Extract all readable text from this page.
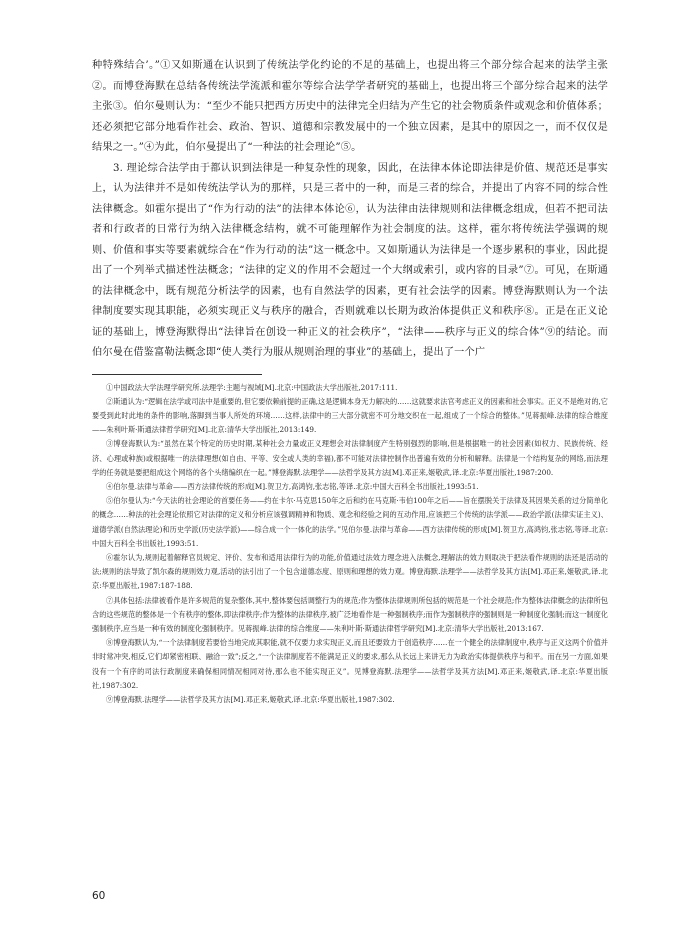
种特殊结合’。”①又如斯通在认识到了传统法学化约论的不足的基础上，也提出将三个部分综合起来的法学主张②。而博登海默在总结各传统法学流派和霍尔等综合法学学者研究的基础上，也提出将三个部分综合起来的法学主张③。伯尔曼则认为：“至少不能只把西方历史中的法律完全归结为产生它的社会物质条件或观念和价值体系；还必须把它部分地看作社会、政治、智识、道德和宗教发展中的一个独立因素，是其中的原因之一，而不仅仅是结果之一。”④为此，伯尔曼提出了“一种法的社会理论”⑤。

3. 理论综合法学由于都认识到法律是一种复杂性的现象，因此，在法律本体论即法律是价值、规范还是事实上，认为法律并不是如传统法学认为的那样，只是三者中的一种，而是三者的综合，并提出了内容不同的综合性法律概念。如霍尔提出了“作为行动的法”的法律本体论⑥，认为法律由法律规则和法律概念组成，但若不把司法者和行政者的日常行为纳入法律概念结构，就不可能理解作为社会制度的法。这样，霍尔将传统法学强调的规则、价值和事实等要素就综合在“作为行动的法”这一概念中。又如斯通认为法律是一个逐步累积的事业，因此提出了一个列举式描述性法概念；“法律的定义的作用不会超过一个大纲或索引，或内容的目录”⑦。可见，在斯通的法律概念中，既有规范分析法学的因素，也有自然法学的因素，更有社会法学的因素。博登海默则认为一个法律制度要实现其职能，必须实现正义与秩序的融合，否则就难以长期为政治体提供正义和秩序⑧。正是在正义论证的基础上，博登海默得出“法律旨在创设一种正义的社会秩序”，“法律——秩序与正义的综合体”⑨的结论。而伯尔曼在借鉴富勒法概念即“使人类行为服从规则治理的事业”的基础上，提出了一个广

①中国政法大学法理学研究所.法理学:主题与视域[M].北京:中国政法大学出版社,2017:111.

②斯通认为:“逻辑在法学或司法中是重要的,但它要依赖前提的正确,这是逻辑本身无力解决的……这就要求法官考虑正义的因素和社会事实。正义不是绝对的,它要受到此时此地的条件的影响,落脚到当事人所处的环境……这样,法律中的三大部分就密不可分地交织在一起,组成了一个综合的整体。”见蒋振峰.法律的综合维度——朱利叶斯·斯通法律哲学研究[M].北京:清华大学出版社,2013:149.

③博登海默认为:“虽然在某个特定的历史时期,某种社会力量或正义理想会对法律制度产生特别强烈的影响,但是根据唯一的社会因素(如权力、民族传统、经济、心理或种族)或根据唯一的法律理想(如自由、平等、安全或人类的幸福),都不可能对法律控制作出普遍有效的分析和解释。法律是一个结构复杂的网络,而法理学的任务就是要把组成这个网络的各个头绪编织在一起。”博登海默.法理学——法哲学及其方法[M].邓正来,姬敬武,译.北京:华夏出版社,1987:200.

④伯尔曼.法律与革命——西方法律传统的形成[M].贺卫方,高鸿钧,张志铭,等译.北京:中国大百科全书出版社,1993:51.

⑤伯尔曼认为:“今天法的社会理论的首要任务——约在卡尔·马克思150年之后和约在马克斯·韦伯100年之后——旨在摆脱关于法律及其因果关系的过分简单化的概念……种法的社会理论依照它对法律的定义和分析应该强调精神和物质、观念和经验之间的互动作用,应该把三个传统的法学派——政治学派(法律实证主义)、道德学派(自然法理论)和历史学派(历史法学派)——综合成一个一体化的法学。”见伯尔曼.法律与革命——西方法律传统的形成[M].贺卫方,高鸿钧,张志铭,等译.北京:中国大百科全书出版社,1993:51.

⑥霍尔认为,规则起着解释官员规定、评价、发布和适用法律行为的功能,价值通过法效力理念进入法概念,理解法的效力则取决于把法看作规则的法还是活动的法;规则的法导致了凯尔森的规则效力观,活动的法引出了一个包含道德态度、原则和理想的效力观。博登海默.法理学——法哲学及其方法[M].邓正来,姬敬武,译.北京:华夏出版社,1987:187-188.

⑦具体包括:法律被看作是许多规范的复杂整体,其中,整体要包括调整行为的规范;作为整体法律规则所包括的规范是一个社会规范;作为整体法律概念的法律所包含的这些规范的整体是一个有秩序的整体,即法律秩序;作为整体的法律秩序,被广泛地看作是一种强制秩序;而作为强制秩序的强制则是一种制度化强制;而这一制度化强制秩序,应当是一种有效的制度化强制秩序。见蒋振峰.法律的综合维度——朱利叶斯·斯通法律哲学研究[M].北京:清华大学出版社,2013:167.

⑧博登海默认为,“一个法律制度若要恰当地完成其职能,就不仅要力求实现正义,而且还要致力于创造秩序……在一个健全的法律制度中,秩序与正义这两个价值并非时常冲突,相反,它们却紧密相联、融洽一致”;反之,“一个法律制度若不能满足正义的要求,那么从长远上来讲无力为政治实体提供秩序与和平。而在另一方面,如果没有一个有序的司法行政制度来确保相同情况相同对待,那么也不能实现正义”。见博登海默.法理学——法哲学及其方法[M].邓正来,姬敬武,译.北京:华夏出版社,1987:302.

⑨博登海默.法理学——法哲学及其方法[M].邓正来,姬敬武,译.北京:华夏出版社,1987:302.

60
